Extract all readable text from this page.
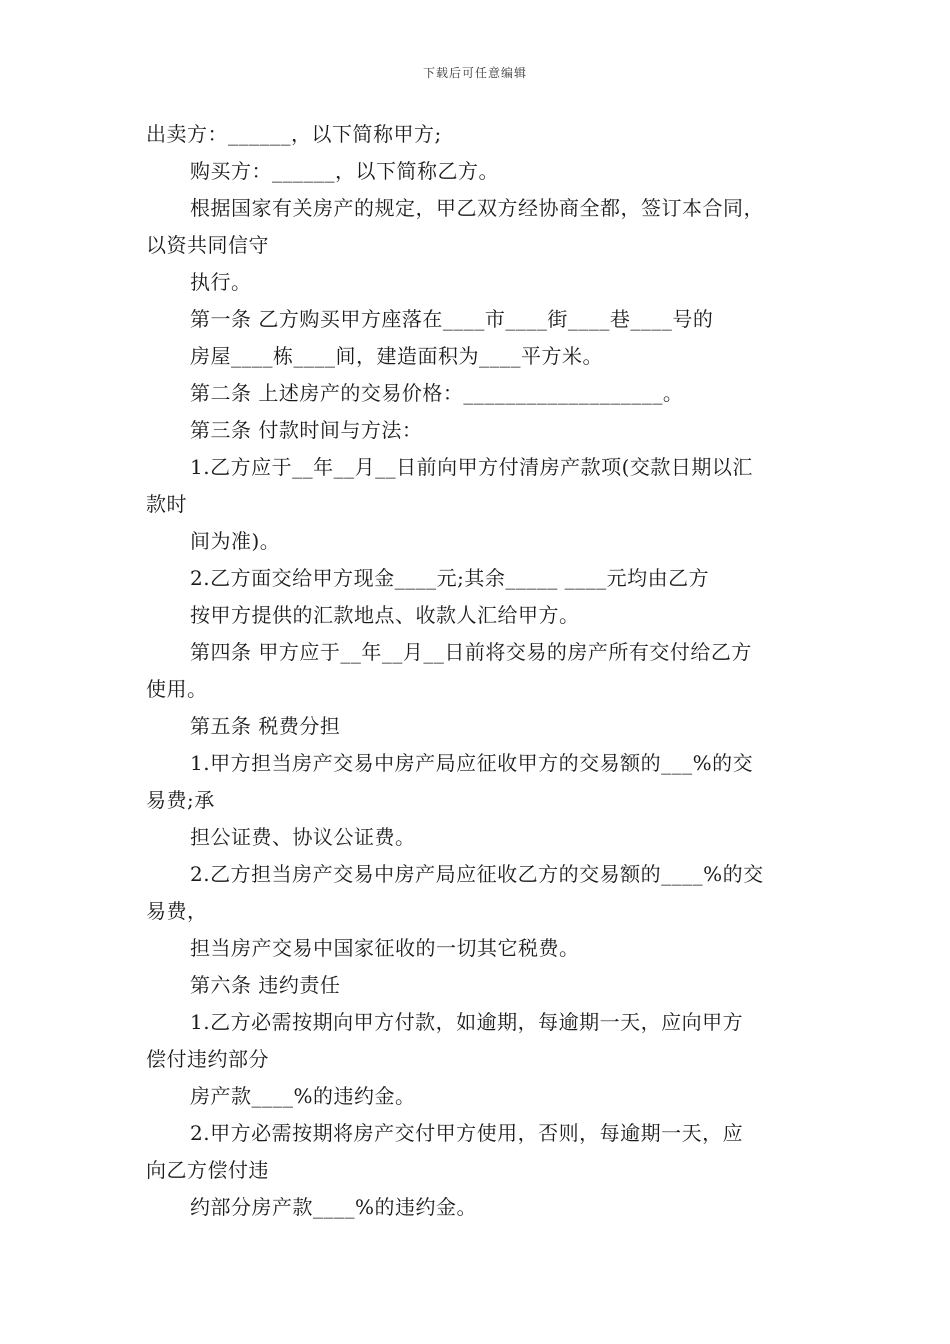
下载后可任意编辑
出卖方：______，以下简称甲方;
购买方：______，以下简称乙方。
根据国家有关房产的规定，甲乙双方经协商全都，签订本合同，
以资共同信守
执行。
第一条 乙方购买甲方座落在____市____街____巷____号的
房屋____栋____间，建造面积为____平方米。
第二条 上述房产的交易价格：___________________。
第三条 付款时间与方法：
1.乙方应于__年__月__日前向甲方付清房产款项(交款日期以汇
款时
间为准)。
2.乙方面交给甲方现金____元;其余_____ ____元均由乙方
按甲方提供的汇款地点、收款人汇给甲方。
第四条 甲方应于__年__月__日前将交易的房产所有交付给乙方
使用。
第五条 税费分担
1.甲方担当房产交易中房产局应征收甲方的交易额的___%的交
易费;承
担公证费、协议公证费。
2.乙方担当房产交易中房产局应征收乙方的交易额的____%的交
易费，
担当房产交易中国家征收的一切其它税费。
第六条 违约责任
1.乙方必需按期向甲方付款，如逾期，每逾期一天，应向甲方
偿付违约部分
房产款____%的违约金。
2.甲方必需按期将房产交付甲方使用，否则，每逾期一天，应
向乙方偿付违
约部分房产款____%的违约金。
